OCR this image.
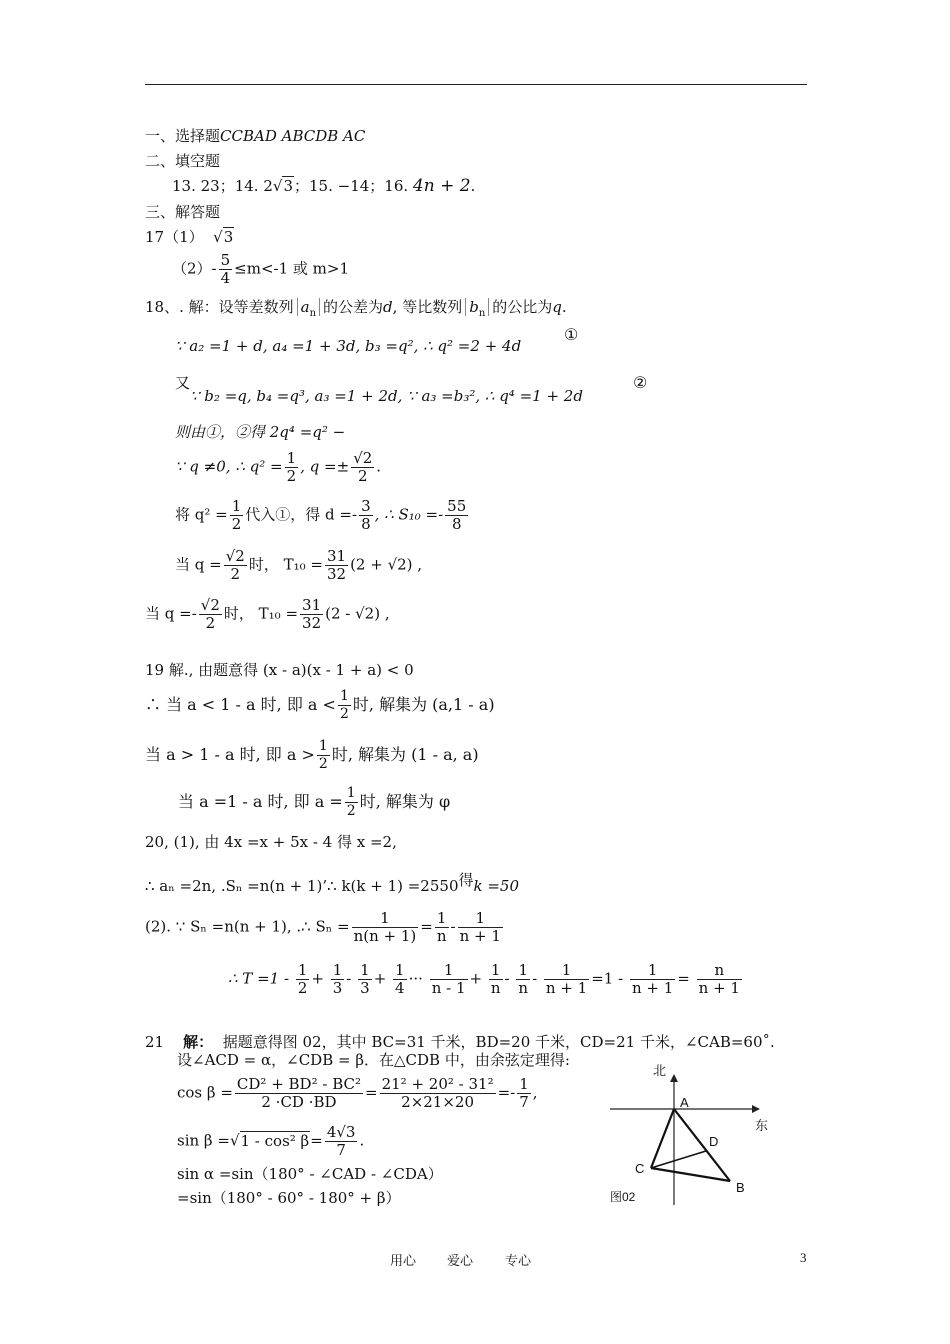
一、选择题CCBAD ABCDB AC
二、填空题
13. 23；14. 2√3；15. −14；16. 4n + 2.
三、解答题
17（1）  √3
$(2)- \frac{5}{4} \le m<-1$ 或 m>1
18、. 解：设等差数列 $a_n$ 的公差为d, 等比数列 $b_n$ 的公比为q.
∵ a₂ =1 + d, a₄ =1 + 3d, b₃ =q², ∴ q² =2 + 4d
①
又
∵ b₂ =q, b₄ =q³, a₃ =1 + 2d, ∵ a₃ =b₃², ∴ q⁴ =1 + 2d
②
则由①，②得 2q⁴ =q² −
∵ q ≠0, ∴ $q^2 = \frac{1}{2}$ , $q =\pm \frac{√2}{2}$ .
将 $q^2 = \frac{1}{2}$ 代入①，得 $d =- \frac{3}{8}$ , ∴ $S_{10} =- \frac{55}{8}$
当 $q = \frac{√2}{2}$ 时， $T_{10} = \frac{31}{32} (2 + √2)$ ,
当 $q =- \frac{√2}{2}$ 时， $T_{10} = \frac{31}{32} (2 - √2)$ ,
19 解., 由题意得 (x - a)(x - 1 + a) < 0
∴ 当 a < 1 - a 时, 即 $a < \frac{1}{2}$ 时, 解集为 (a,1 - a)
当 a > 1 - a 时, 即 $a > \frac{1}{2}$ 时, 解集为 (1 - a, a)
当 a =1 - a 时, 即 $a = \frac{1}{2}$ 时, 解集为 φ
20, (1), 由 4x =x + 5x - 4 得 x =2,
∴ aₙ =2n, .Sₙ =n(n + 1)’∴ $k(k + 1) =2550^得k =50$
(2). ∵ Sₙ =n(n + 1), .∴ $S_n = \frac{1}{n(n + 1)} = \frac{1}{n} - \frac{1}{n + 1}$
∴ $T =1 - \frac{1}{2} + \frac{1}{3} - \frac{1}{3} + \frac{1}{4}$ ··· $\frac{1}{n - 1} + \frac{1}{n} - \frac{1}{n} - \frac{1}{n + 1} =1 - \frac{1}{n + 1} = \frac{n}{n + 1}$
21 解： 据题意得图 02，其中 BC=31 千米，BD=20 千米，CD=21 千米，∠CAB=60˚.
设∠ACD = α，∠CDB = β．在△CDB 中，由余弦定理得:
$\cos \beta = \frac{\text{CD² + BD² - BC²}}{2 \cdot CD \cdot BD} = \frac{\text{21² + 20² - 31²}}{2\times 21\times 20} =- \frac{1}{7}$ ,
sin β =√1 - cos² $\beta= \frac{4√3}{7}$ .
sin α =sin（180° - ∠CAD - ∠CDA）
=sin（180° - 60° - 180° + β）
北
东
A
D
C
B
图02
用心 爱心 专心	3
